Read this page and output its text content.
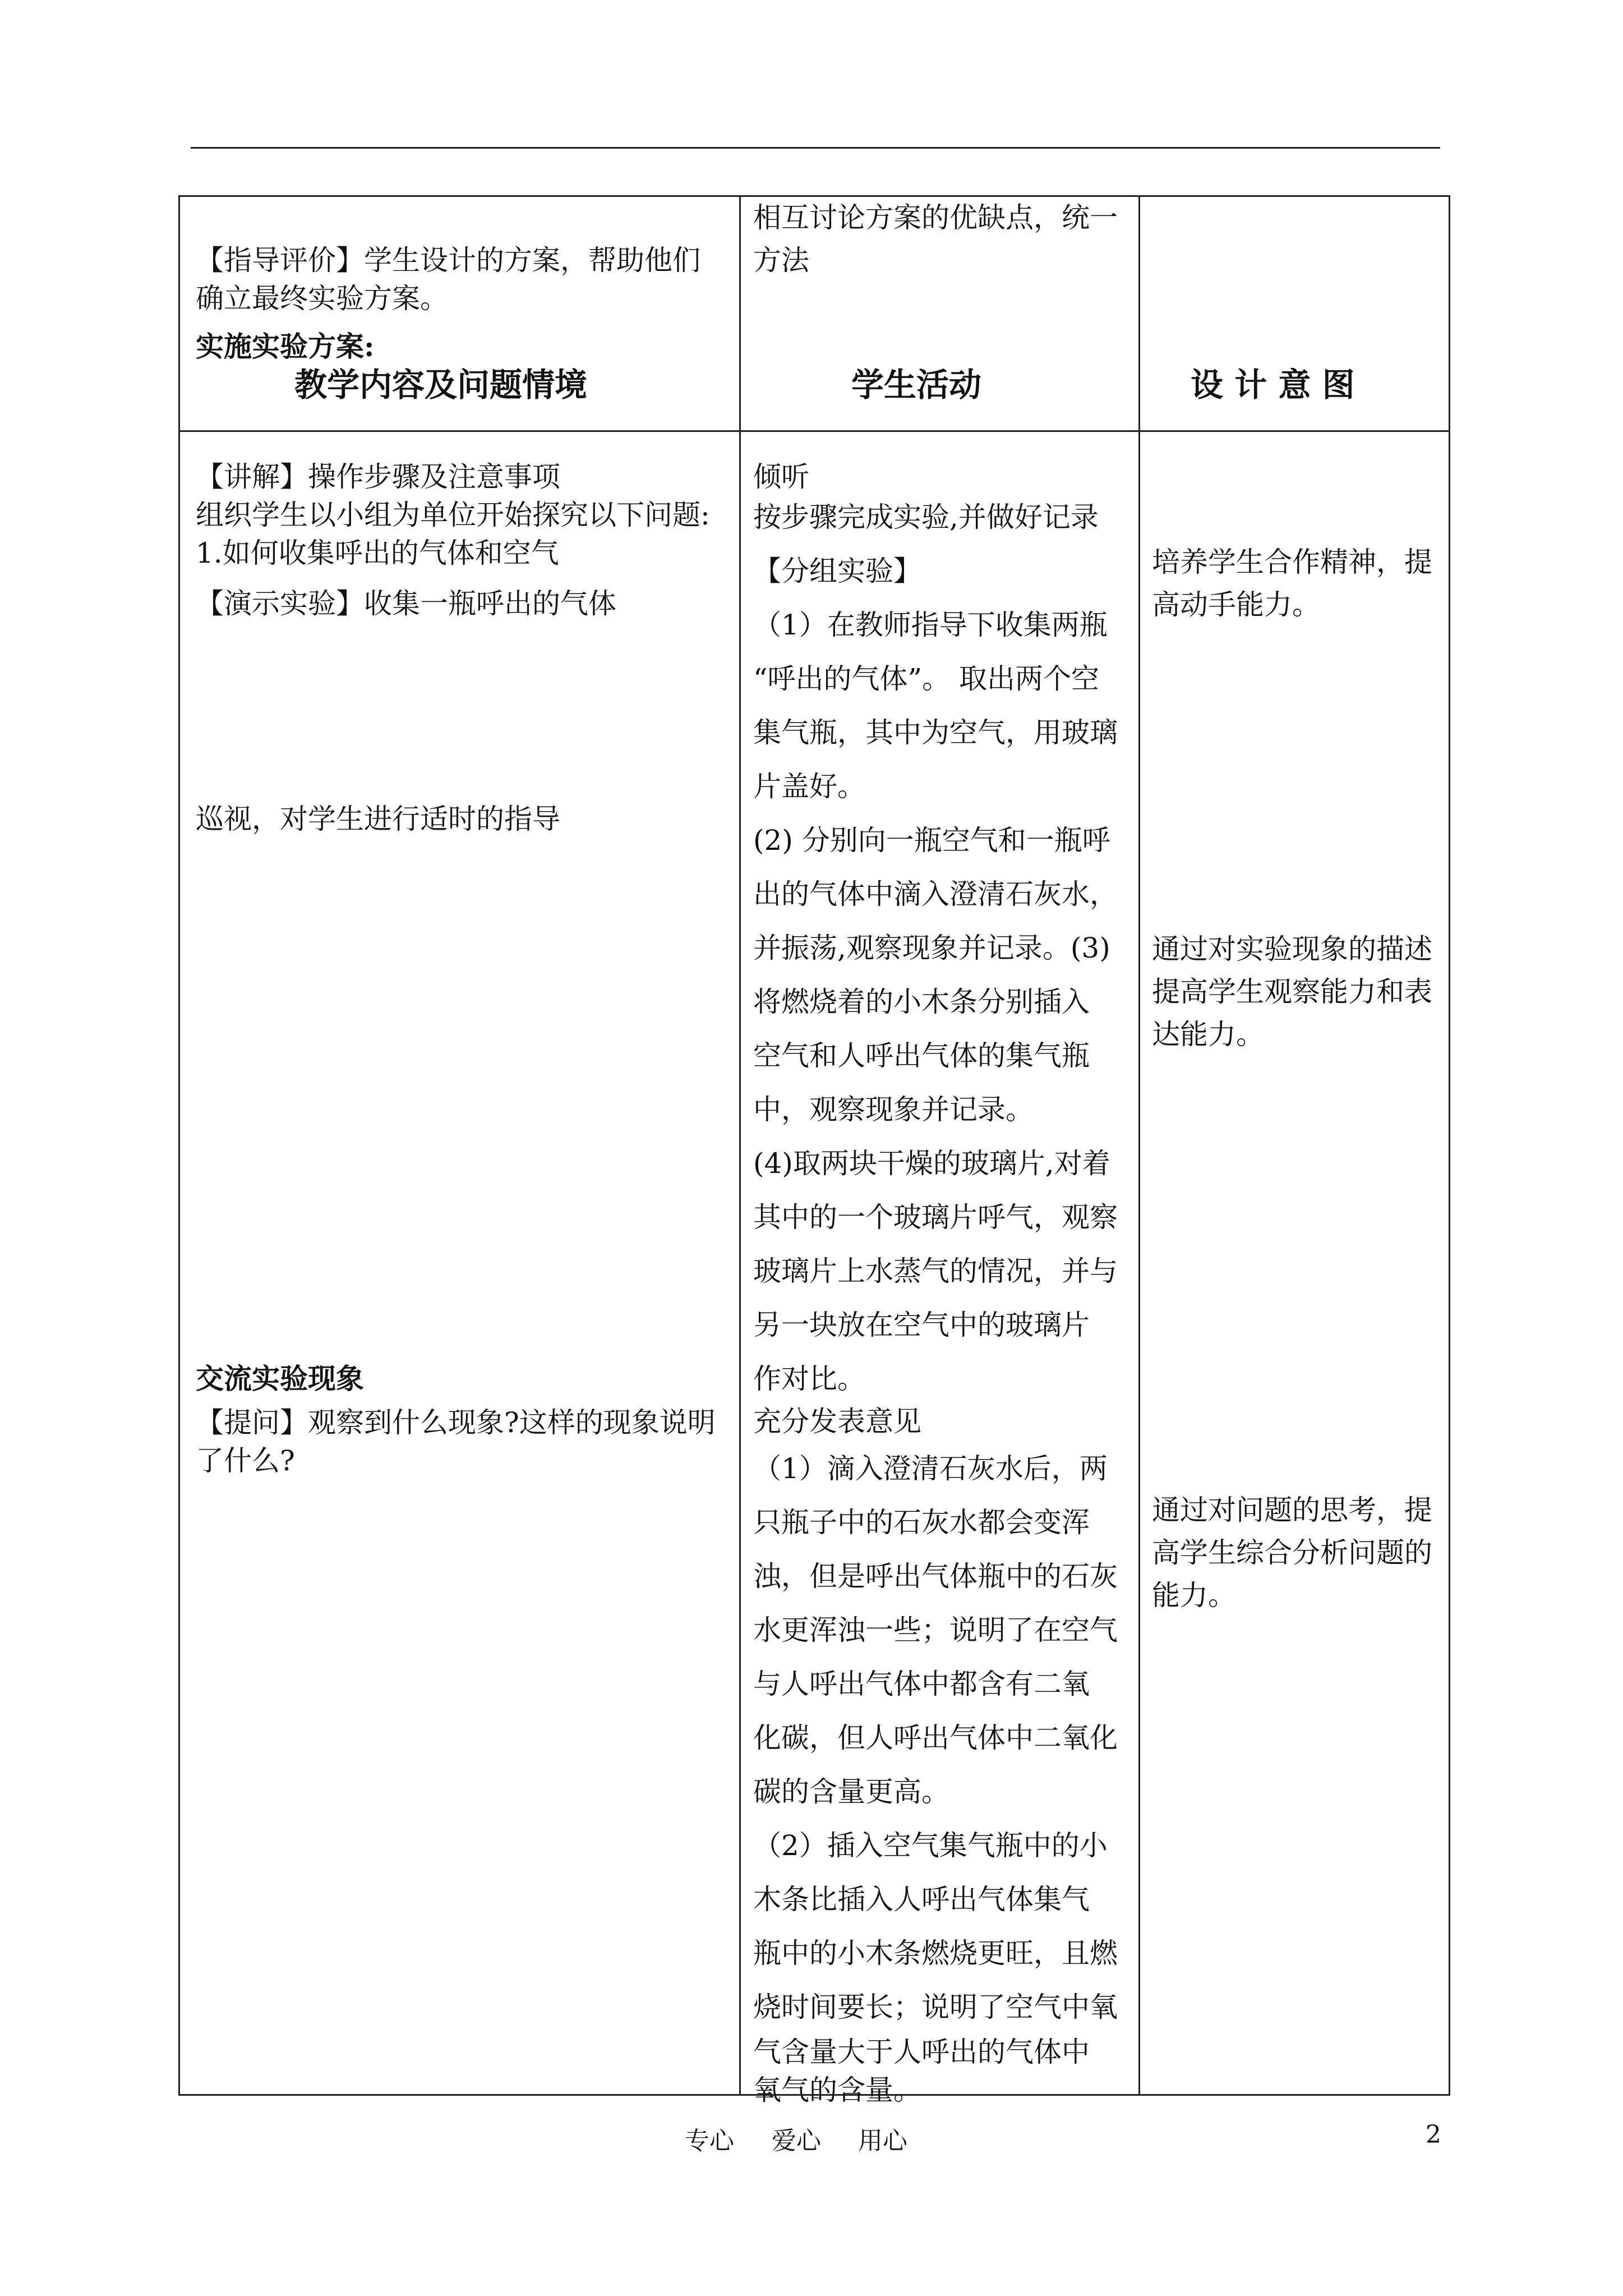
【指导评价】学生设计的方案，帮助他们
确立最终实验方案。
实施实验方案:
教学内容及问题情境
【讲解】操作步骤及注意事项
组织学生以小组为单位开始探究以下问题:
1.如何收集呼出的气体和空气
【演示实验】收集一瓶呼出的气体
巡视，对学生进行适时的指导
交流实验现象
【提问】观察到什么现象?这样的现象说明
了什么?
相互讨论方案的优缺点，统一
方法
学生活动
倾听
按步骤完成实验,并做好记录
【分组实验】
（1）在教师指导下收集两瓶
“呼出的气体”。 取出两个空
集气瓶，其中为空气，用玻璃
片盖好。
(2) 分别向一瓶空气和一瓶呼
出的气体中滴入澄清石灰水，
并振荡,观察现象并记录。(3)
将燃烧着的小木条分别插入
空气和人呼出气体的集气瓶
中，观察现象并记录。
(4)取两块干燥的玻璃片,对着
其中的一个玻璃片呼气，观察
玻璃片上水蒸气的情况，并与
另一块放在空气中的玻璃片
作对比。
充分发表意见
（1）滴入澄清石灰水后，两
只瓶子中的石灰水都会变浑
浊，但是呼出气体瓶中的石灰
水更浑浊一些；说明了在空气
与人呼出气体中都含有二氧
化碳，但人呼出气体中二氧化
碳的含量更高。
（2）插入空气集气瓶中的小
木条比插入人呼出气体集气
瓶中的小木条燃烧更旺，且燃
烧时间要长；说明了空气中氧
气含量大于人呼出的气体中
氧气的含量。
设 计 意 图
培养学生合作精神，提
高动手能力。
通过对实验现象的描述
提高学生观察能力和表
达能力。
通过对问题的思考，提
高学生综合分析问题的
能力。
专心 爱心 用心	2
